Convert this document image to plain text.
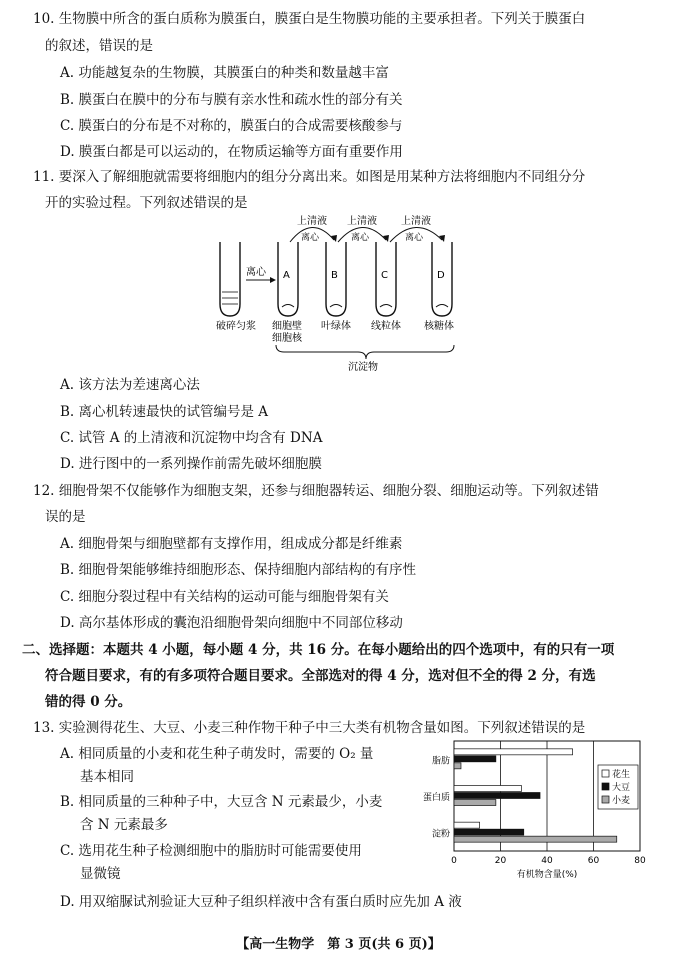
10. 生物膜中所含的蛋白质称为膜蛋白，膜蛋白是生物膜功能的主要承担者。下列关于膜蛋白
的叙述，错误的是
A. 功能越复杂的生物膜，其膜蛋白的种类和数量越丰富
B. 膜蛋白在膜中的分布与膜有亲水性和疏水性的部分有关
C. 膜蛋白的分布是不对称的，膜蛋白的合成需要核酸参与
D. 膜蛋白都是可以运动的，在物质运输等方面有重要作用
11. 要深入了解细胞就需要将细胞内的组分分离出来。如图是用某种方法将细胞内不同组分分
开的实验过程。下列叙述错误的是
破碎匀浆
离心 A	B	C	D
上清液
离心
上清液
离心
上清液
离心
细胞壁
细胞核
叶绿体 线粒体 核糖体
沉淀物
A. 该方法为差速离心法
B. 离心机转速最快的试管编号是 A
C. 试管 A 的上清液和沉淀物中均含有 DNA
D. 进行图中的一系列操作前需先破坏细胞膜
12. 细胞骨架不仅能够作为细胞支架，还参与细胞器转运、细胞分裂、细胞运动等。下列叙述错
误的是
A. 细胞骨架与细胞壁都有支撑作用，组成成分都是纤维素
B. 细胞骨架能够维持细胞形态、保持细胞内部结构的有序性
C. 细胞分裂过程中有关结构的运动可能与细胞骨架有关
D. 高尔基体形成的囊泡沿细胞骨架向细胞中不同部位移动
二、选择题：本题共 4 小题，每小题 4 分，共 16 分。在每小题给出的四个选项中，有的只有一项
符合题目要求，有的有多项符合题目要求。全部选对的得 4 分，选对但不全的得 2 分，有选
错的得 0 分。
13. 实验测得花生、大豆、小麦三种作物干种子中三大类有机物含量如图。下列叙述错误的是
A. 相同质量的小麦和花生种子萌发时，需要的 O₂ 量
基本相同
B. 相同质量的三种种子中，大豆含 N 元素最少，小麦
含 N 元素最多
C. 选用花生种子检测细胞中的脂肪时可能需要使用
显微镜
D. 用双缩脲试剂验证大豆种子组织样液中含有蛋白质时应先加 A 液
0	20	40	60	80
脂肪
蛋白质
淀粉
有机物含量(%)
花生
大豆
小麦
【高一生物学　第 3 页(共 6 页)】
